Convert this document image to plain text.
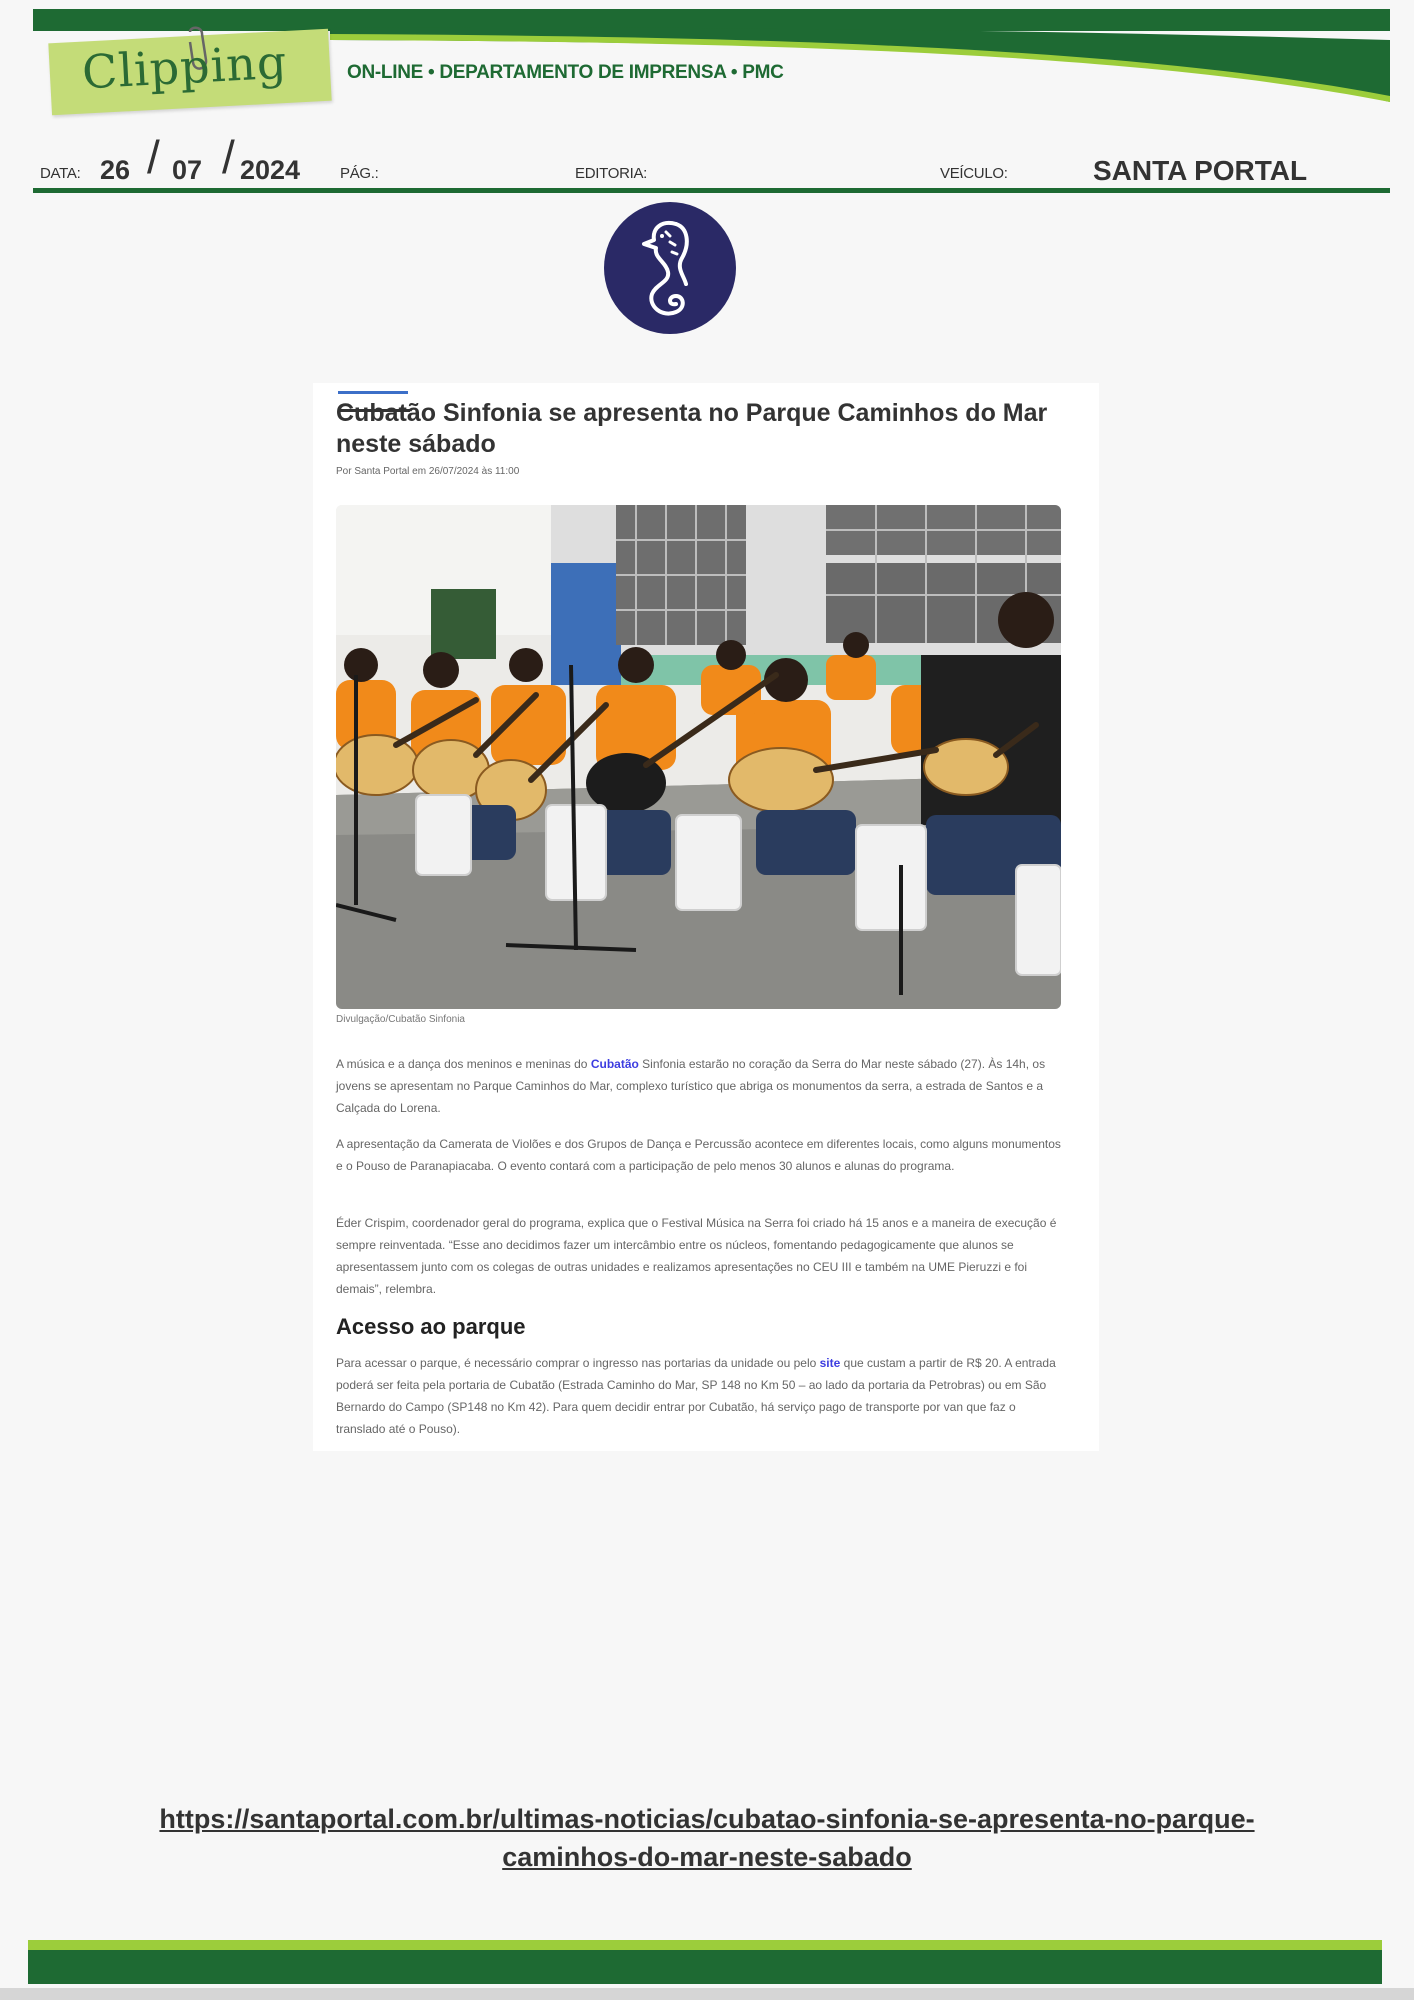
Clipping	ON-LINE • DEPARTAMENTO DE IMPRENSA • PMC
DATA: 26 / 07 / 2024	PÁG.:	EDITORIA:	VEÍCULO:	SANTA PORTAL
Cubatão Sinfonia se apresenta no Parque Caminhos do Mar neste sábado
Por Santa Portal em 26/07/2024 às 11:00
Divulgação/Cubatão Sinfonia
A música e a dança dos meninos e meninas do Cubatão Sinfonia estarão no coração da Serra do Mar neste sábado (27). Às 14h, os jovens se apresentam no Parque Caminhos do Mar, complexo turístico que abriga os monumentos da serra, a estrada de Santos e a Calçada do Lorena.
A apresentação da Camerata de Violões e dos Grupos de Dança e Percussão acontece em diferentes locais, como alguns monumentos e o Pouso de Paranapiacaba. O evento contará com a participação de pelo menos 30 alunos e alunas do programa.
Éder Crispim, coordenador geral do programa, explica que o Festival Música na Serra foi criado há 15 anos e a maneira de execução é sempre reinventada. “Esse ano decidimos fazer um intercâmbio entre os núcleos, fomentando pedagogicamente que alunos se apresentassem junto com os colegas de outras unidades e realizamos apresentações no CEU III e também na UME Pieruzzi e foi demais”, relembra.
Acesso ao parque
Para acessar o parque, é necessário comprar o ingresso nas portarias da unidade ou pelo site que custam a partir de R$ 20. A entrada poderá ser feita pela portaria de Cubatão (Estrada Caminho do Mar, SP 148 no Km 50 – ao lado da portaria da Petrobras) ou em São Bernardo do Campo (SP148 no Km 42). Para quem decidir entrar por Cubatão, há serviço pago de transporte por van que faz o translado até o Pouso).
https://santaportal.com.br/ultimas-noticias/cubatao-sinfonia-se-apresenta-no-parque-
caminhos-do-mar-neste-sabado
